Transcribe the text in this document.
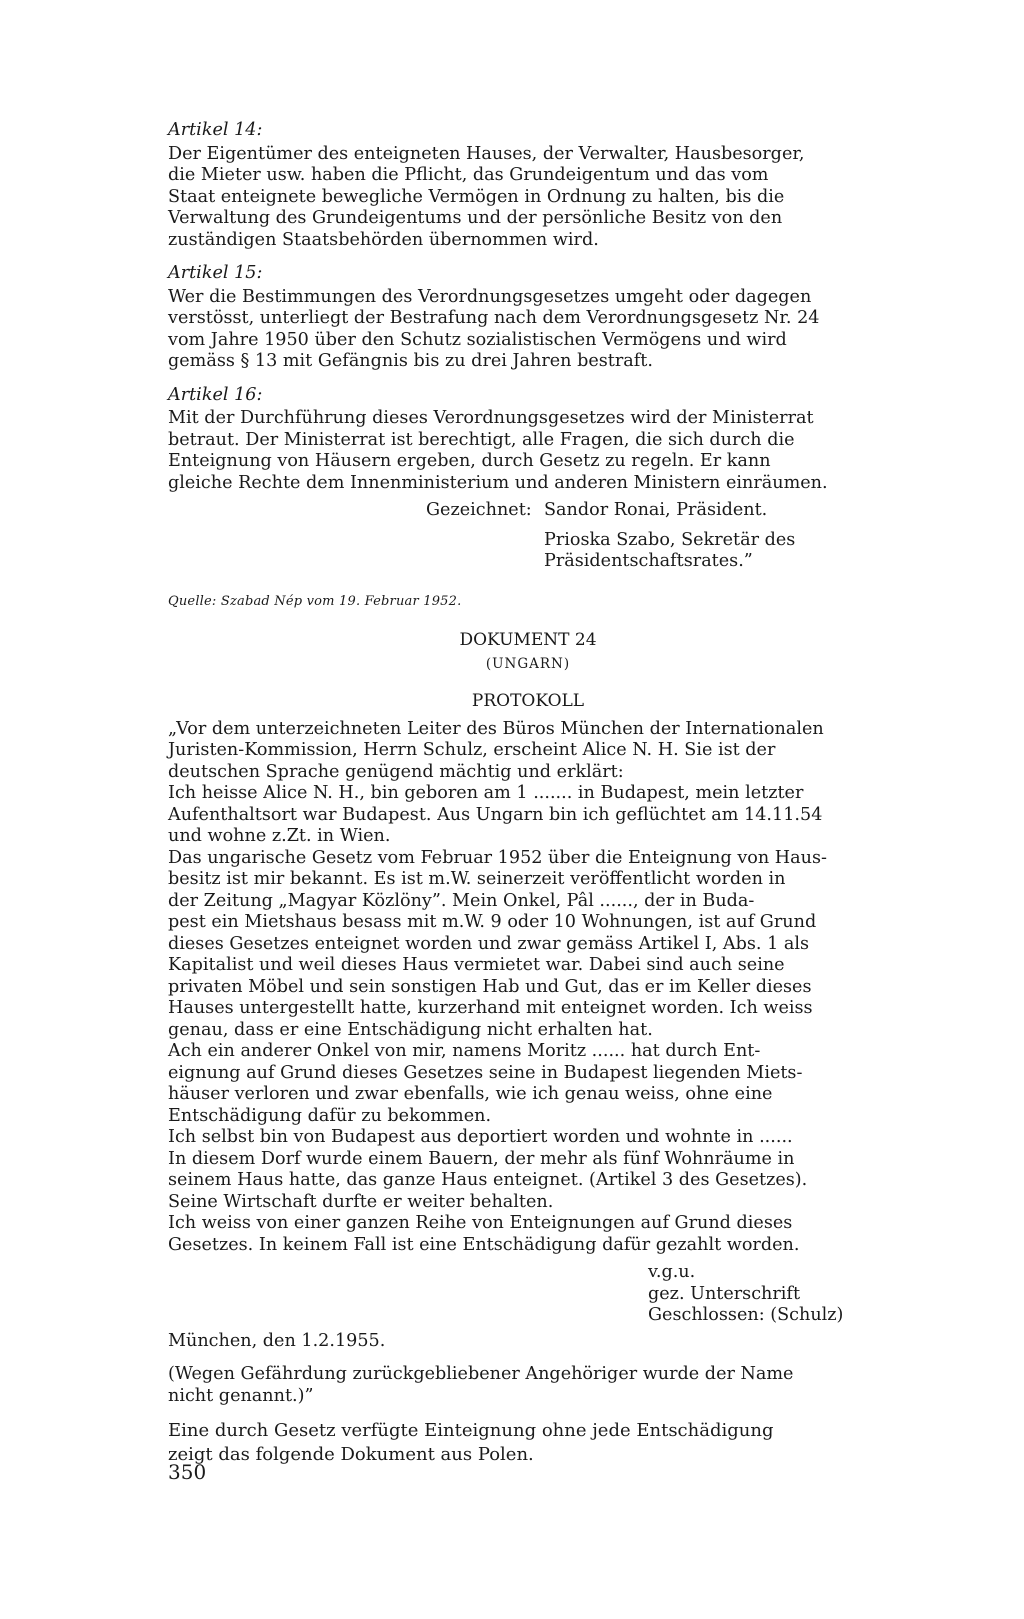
Artikel 14:
Der Eigentümer des enteigneten Hauses, der Verwalter, Hausbesorger,
die Mieter usw. haben die Pflicht, das Grundeigentum und das vom
Staat enteignete bewegliche Vermögen in Ordnung zu halten, bis die
Verwaltung des Grundeigentums und der persönliche Besitz von den
zuständigen Staatsbehörden übernommen wird.
Artikel 15:
Wer die Bestimmungen des Verordnungsgesetzes umgeht oder dagegen
verstösst, unterliegt der Bestrafung nach dem Verordnungsgesetz Nr. 24
vom Jahre 1950 über den Schutz sozialistischen Vermögens und wird
gemäss § 13 mit Gefängnis bis zu drei Jahren bestraft.
Artikel 16:
Mit der Durchführung dieses Verordnungsgesetzes wird der Ministerrat
betraut. Der Ministerrat ist berechtigt, alle Fragen, die sich durch die
Enteignung von Häusern ergeben, durch Gesetz zu regeln. Er kann
gleiche Rechte dem Innenministerium und anderen Ministern einräumen.
Gezeichnet: Sandor Ronai, Präsident.
Prioska Szabo, Sekretär des
Präsidentschaftsrates.”
Quelle: Szabad Nép vom 19. Februar 1952.
DOKUMENT 24
(UNGARN)
PROTOKOLL
„Vor dem unterzeichneten Leiter des Büros München der Internationalen
Juristen-Kommission, Herrn Schulz, erscheint Alice N. H. Sie ist der
deutschen Sprache genügend mächtig und erklärt:
Ich heisse Alice N. H., bin geboren am 1 ....... in Budapest, mein letzter
Aufenthaltsort war Budapest. Aus Ungarn bin ich geflüchtet am 14.11.54
und wohne z.Zt. in Wien.
Das ungarische Gesetz vom Februar 1952 über die Enteignung von Haus-
besitz ist mir bekannt. Es ist m.W. seinerzeit veröffentlicht worden in
der Zeitung „Magyar Közlöny”. Mein Onkel, Pâl ......, der in Buda-
pest ein Mietshaus besass mit m.W. 9 oder 10 Wohnungen, ist auf Grund
dieses Gesetzes enteignet worden und zwar gemäss Artikel I, Abs. 1 als
Kapitalist und weil dieses Haus vermietet war. Dabei sind auch seine
privaten Möbel und sein sonstigen Hab und Gut, das er im Keller dieses
Hauses untergestellt hatte, kurzerhand mit enteignet worden. Ich weiss
genau, dass er eine Entschädigung nicht erhalten hat.
Ach ein anderer Onkel von mir, namens Moritz ...... hat durch Ent-
eignung auf Grund dieses Gesetzes seine in Budapest liegenden Miets-
häuser verloren und zwar ebenfalls, wie ich genau weiss, ohne eine
Entschädigung dafür zu bekommen.
Ich selbst bin von Budapest aus deportiert worden und wohnte in ......
In diesem Dorf wurde einem Bauern, der mehr als fünf Wohnräume in
seinem Haus hatte, das ganze Haus enteignet. (Artikel 3 des Gesetzes).
Seine Wirtschaft durfte er weiter behalten.
Ich weiss von einer ganzen Reihe von Enteignungen auf Grund dieses
Gesetzes. In keinem Fall ist eine Entschädigung dafür gezahlt worden.
v.g.u.
gez. Unterschrift
Geschlossen: (Schulz)
München, den 1.2.1955.
(Wegen Gefährdung zurückgebliebener Angehöriger wurde der Name
nicht genannt.)”
Eine durch Gesetz verfügte Einteignung ohne jede Entschädigung
zeigt das folgende Dokument aus Polen.
350
